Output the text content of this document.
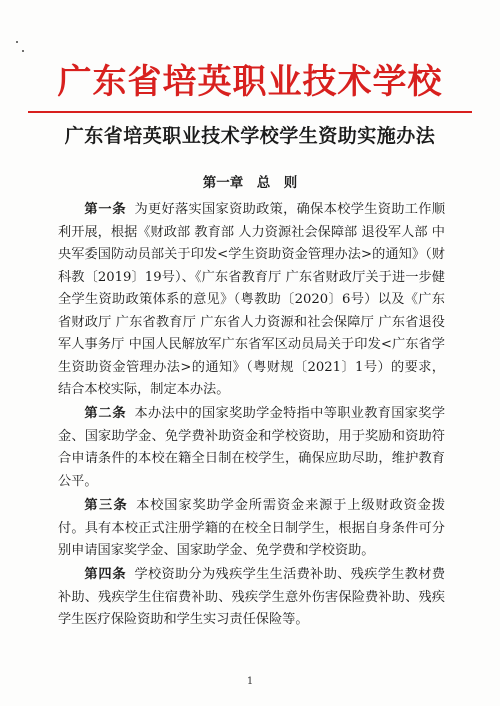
广东省培英职业技术学校
广东省培英职业技术学校学生资助实施办法
第一章　总　则

第一条 为更好落实国家资助政策，确保本校学生资助工作顺利开展，根据《财政部 教育部 人力资源社会保障部 退役军人部 中央军委国防动员部关于印发<学生资助资金管理办法>的通知》（财科教〔2019〕19号）、《广东省教育厅 广东省财政厅关于进一步健全学生资助政策体系的意见》（粤教助〔2020〕6号）以及《广东省财政厅 广东省教育厅 广东省人力资源和社会保障厅 广东省退役军人事务厅 中国人民解放军广东省军区动员局关于印发<广东省学生资助资金管理办法>的通知》（粤财规〔2021〕1号）的要求，结合本校实际，制定本办法。

第二条 本办法中的国家奖助学金特指中等职业教育国家奖学金、国家助学金、免学费补助资金和学校资助，用于奖励和资助符合申请条件的本校在籍全日制在校学生，确保应助尽助，维护教育公平。

第三条 本校国家奖助学金所需资金来源于上级财政资金拨付。具有本校正式注册学籍的在校全日制学生，根据自身条件可分别申请国家奖学金、国家助学金、免学费和学校资助。

第四条 学校资助分为残疾学生生活费补助、残疾学生教材费补助、残疾学生住宿费补助、残疾学生意外伤害保险费补助、残疾学生医疗保险资助和学生实习责任保险等。

1
